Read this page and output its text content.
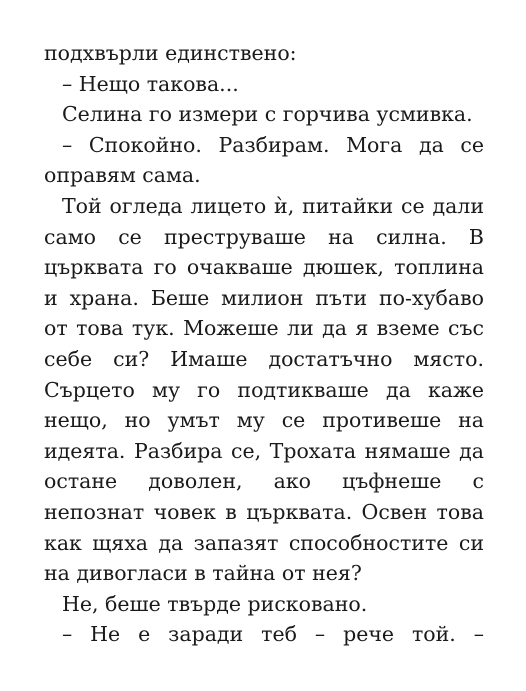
подхвърли единствено:

– Нещо такова...

Селина го измери с горчива усмивка.

– Спокойно. Разбирам. Мога да се оправям сама.

Той огледа лицето ѝ, питайки се дали само се преструваше на силна. В църквата го очакваше дюшек, топлина и храна. Беше милион пъти по-хубаво от това тук. Можеше ли да я вземе със себе си? Имаше достатъчно място. Сърцето му го подтикваше да каже нещо, но умът му се противеше на идеята. Разбира се, Трохата нямаше да остане доволен, ако цъфнеше с непознат човек в църквата. Освен това как щяха да запазят способностите си на дивогласи в тайна от нея?

Не, беше твърде рисковано.

– Не е заради теб – рече той. –
